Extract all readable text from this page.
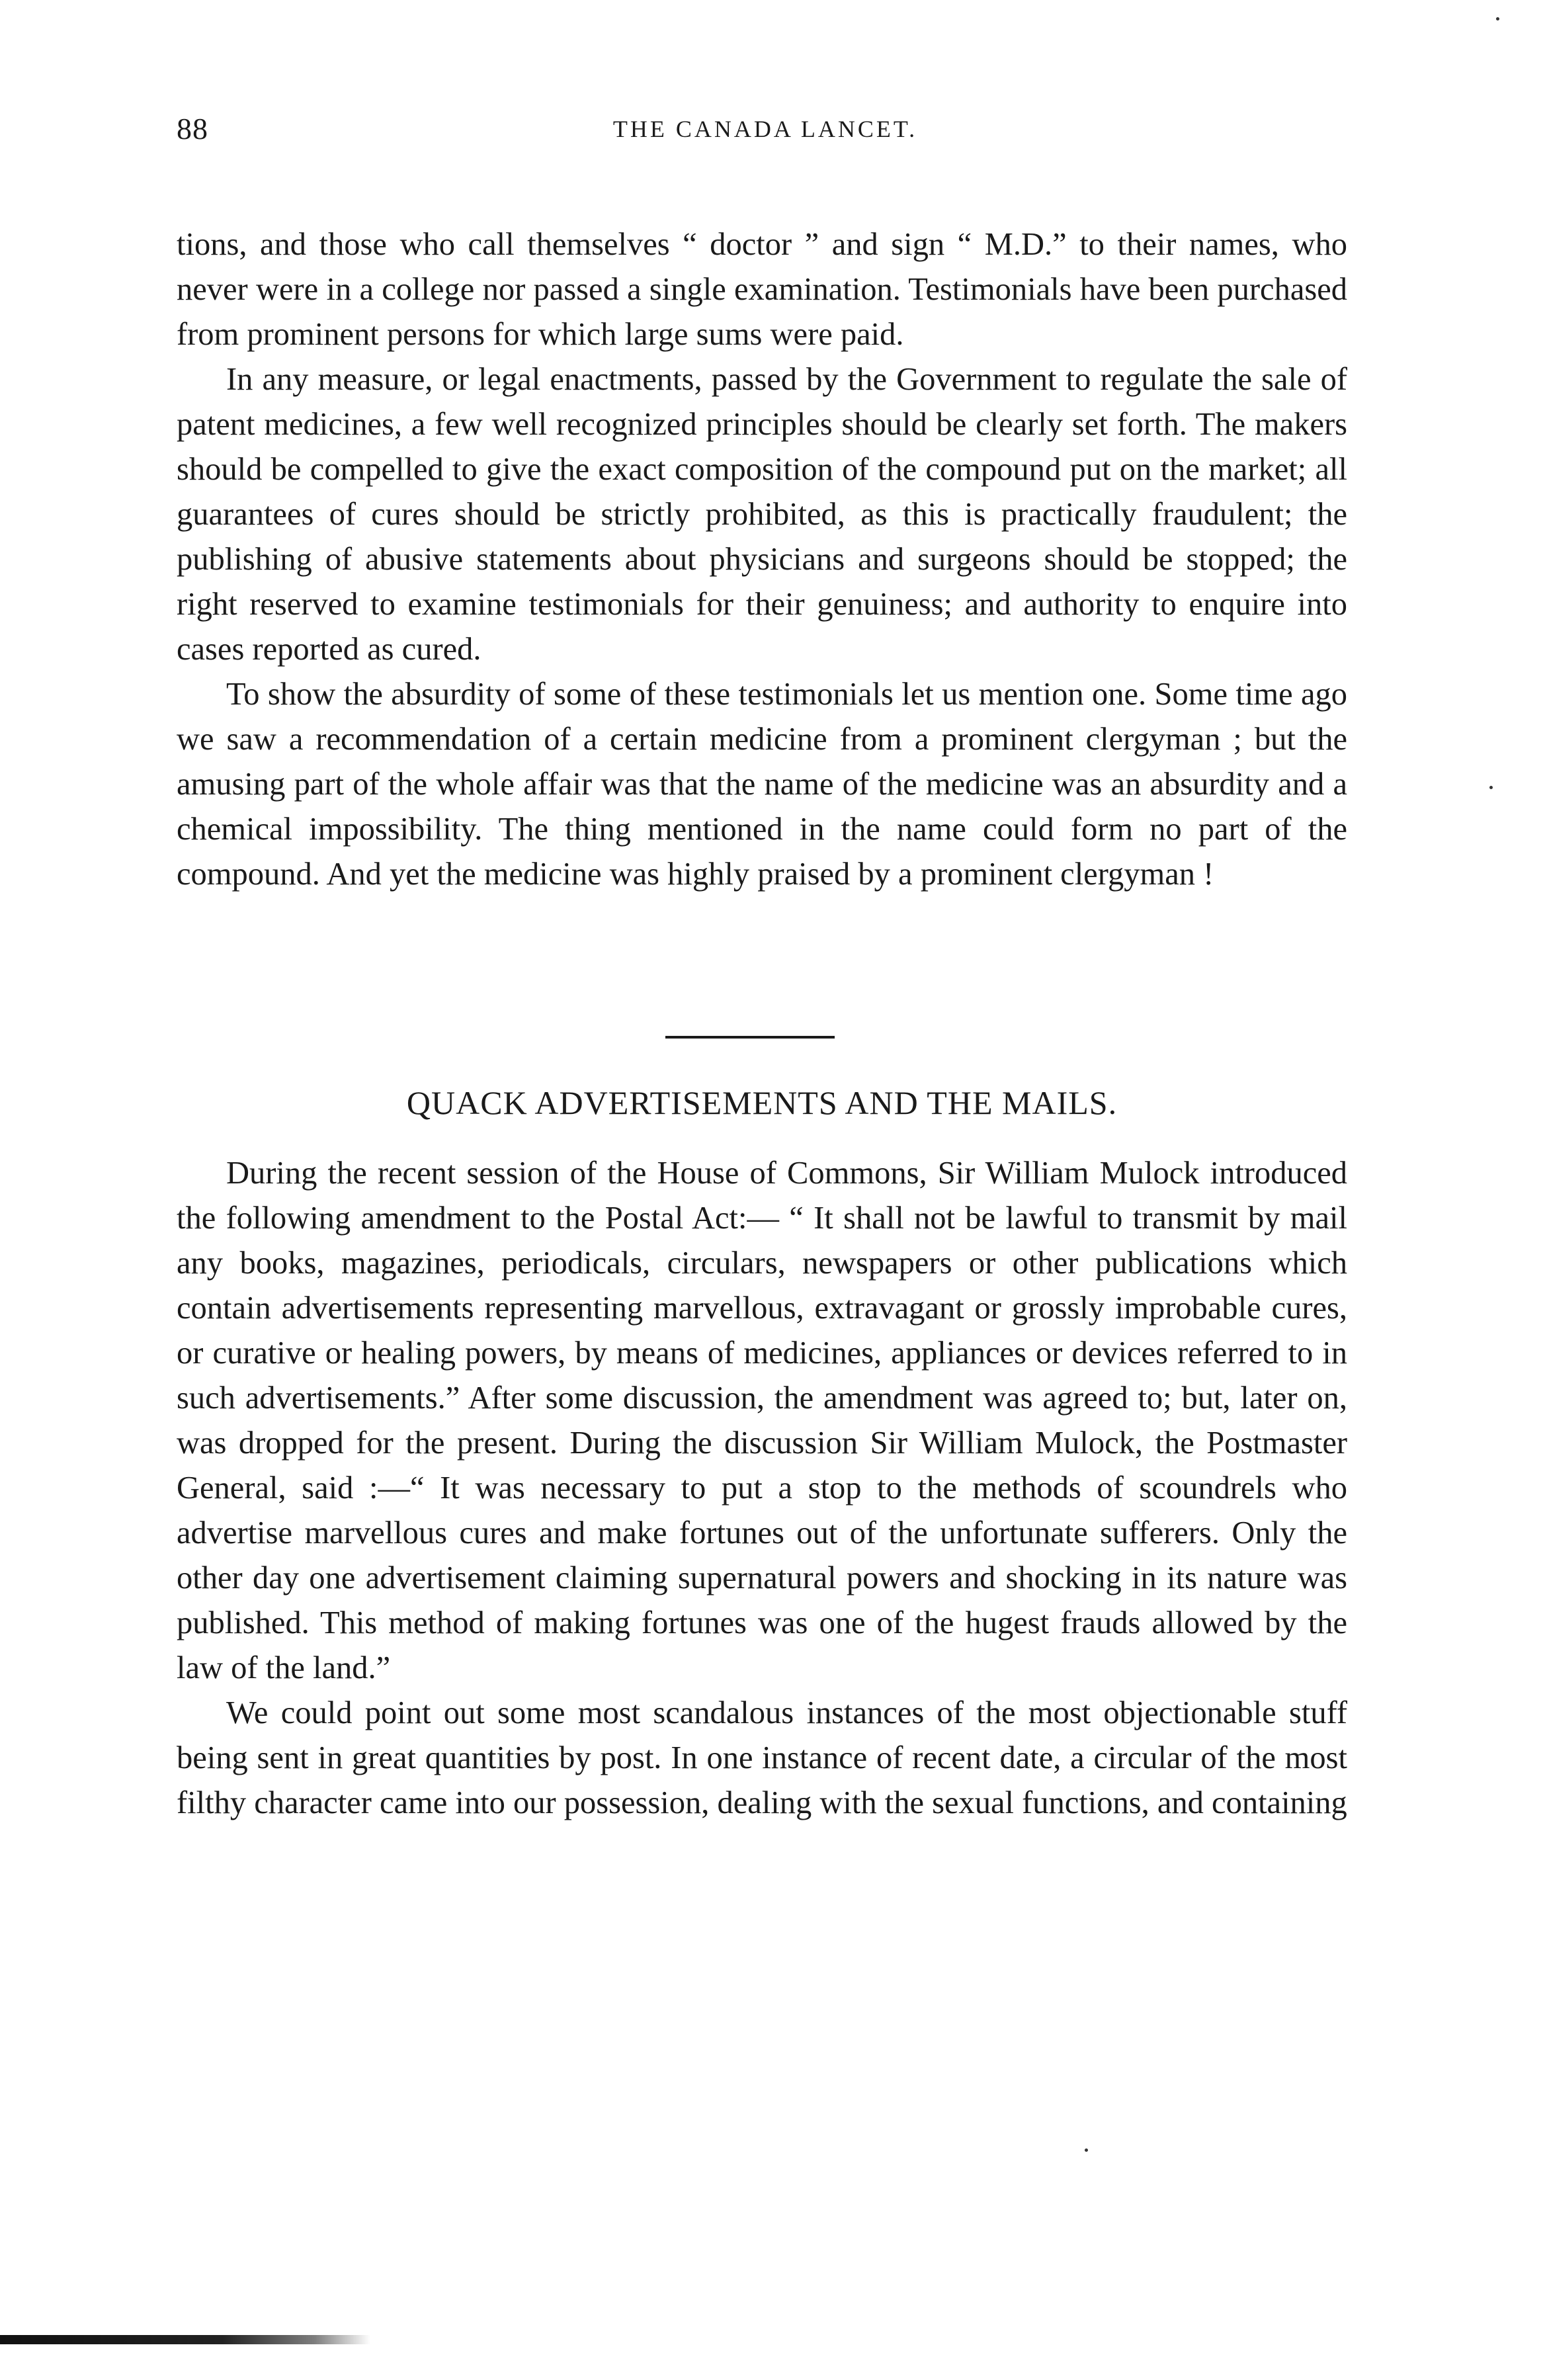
88	THE CANADA LANCET.

tions, and those who call themselves “ doctor ” and sign “ M.D.” to their names, who never were in a college nor passed a single examination. Testimonials have been purchased from prominent persons for which large sums were paid.

In any measure, or legal enactments, passed by the Government to regulate the sale of patent medicines, a few well recognized principles should be clearly set forth. The makers should be compelled to give the exact composition of the compound put on the market; all guarantees of cures should be strictly prohibited, as this is practically fraudulent; the publishing of abusive statements about physicians and surgeons should be stopped; the right reserved to examine testimonials for their genuiness; and authority to enquire into cases reported as cured.

To show the absurdity of some of these testimonials let us mention one. Some time ago we saw a recommendation of a certain medicine from a prominent clergyman ; but the amusing part of the whole affair was that the name of the medicine was an absurdity and a chemical impossibility. The thing mentioned in the name could form no part of the compound. And yet the medicine was highly praised by a prominent clergyman !

QUACK ADVERTISEMENTS AND THE MAILS.

During the recent session of the House of Commons, Sir William Mulock introduced the following amendment to the Postal Act:— “ It shall not be lawful to transmit by mail any books, magazines, periodicals, circulars, newspapers or other publications which contain advertisements representing marvellous, extravagant or grossly improbable cures, or curative or healing powers, by means of medicines, appliances or devices referred to in such advertisements.” After some discussion, the amendment was agreed to; but, later on, was dropped for the present. During the discussion Sir William Mulock, the Postmaster General, said :—“ It was necessary to put a stop to the methods of scoundrels who advertise marvellous cures and make fortunes out of the unfortunate sufferers. Only the other day one advertisement claiming supernatural powers and shocking in its nature was published. This method of making fortunes was one of the hugest frauds allowed by the law of the land.”

We could point out some most scandalous instances of the most objectionable stuff being sent in great quantities by post. In one instance of recent date, a circular of the most filthy character came into our possession, dealing with the sexual functions, and containing
